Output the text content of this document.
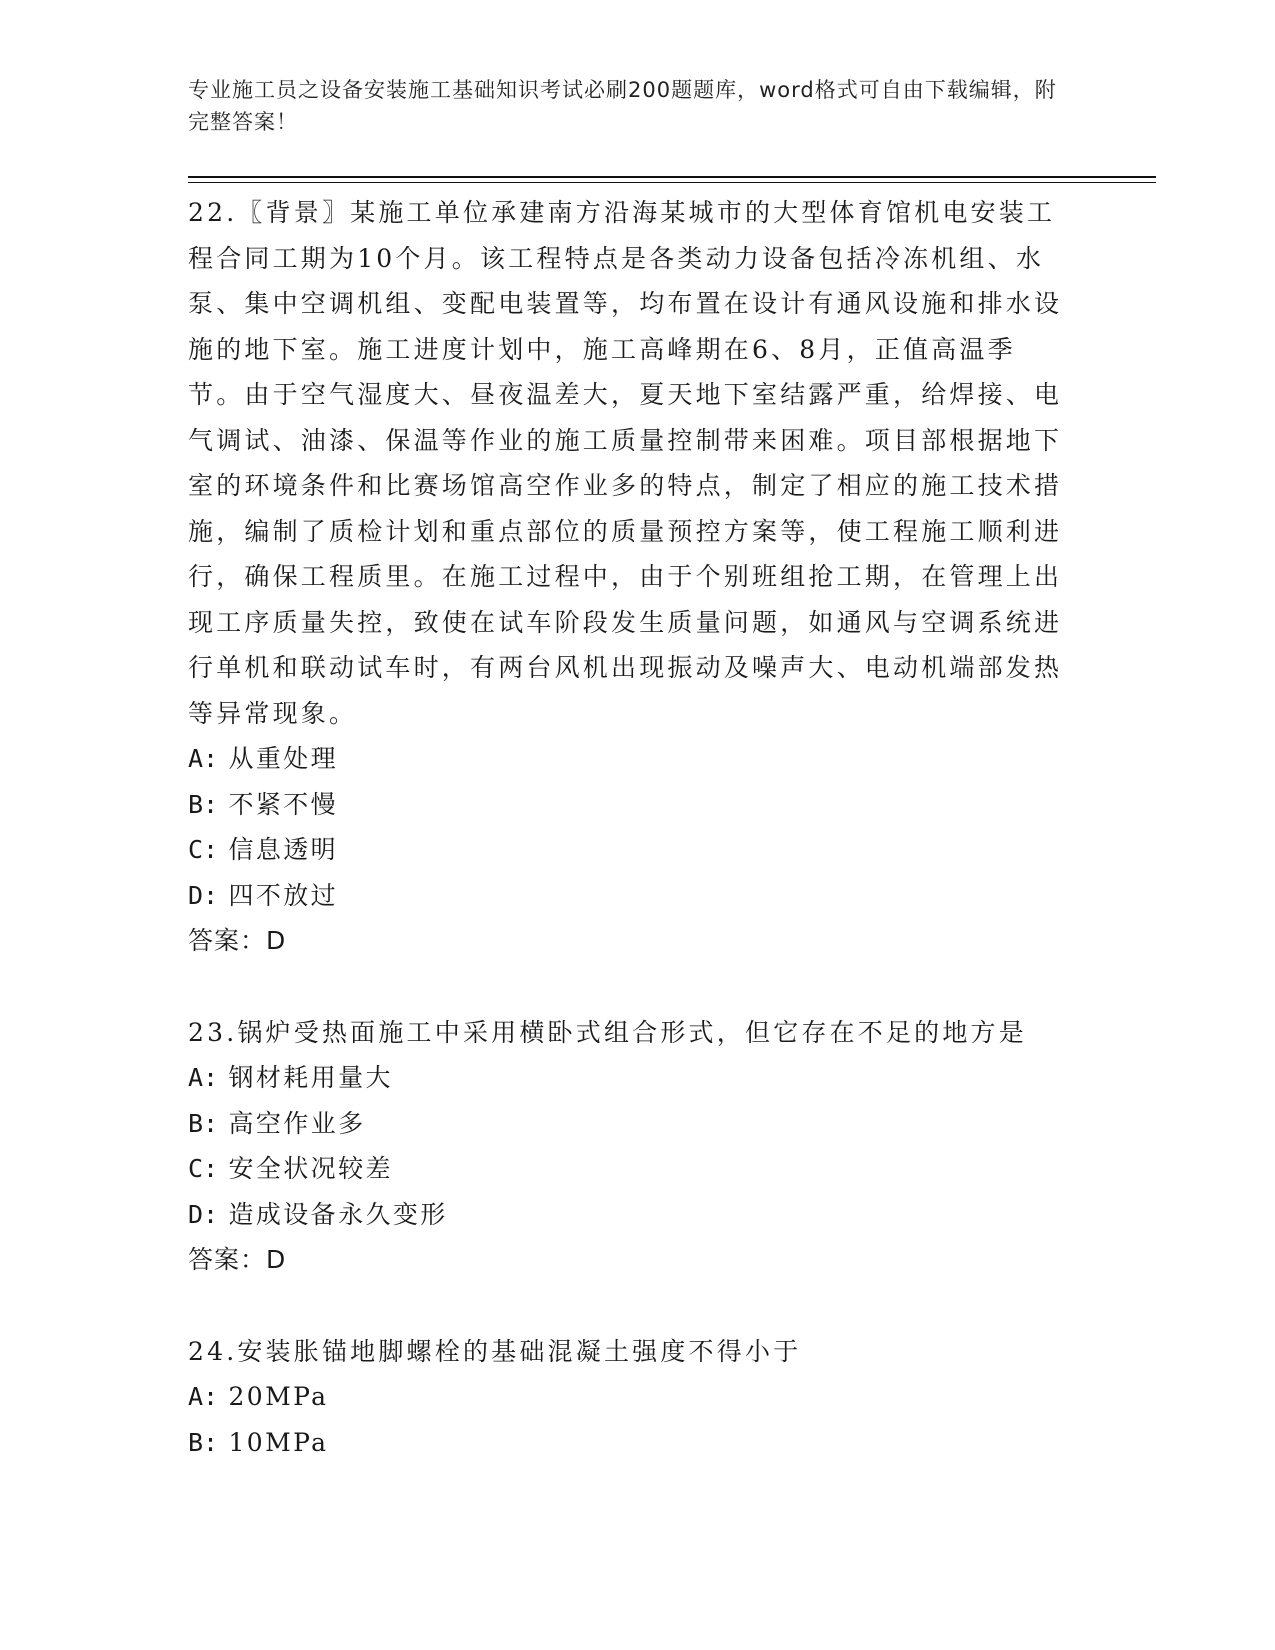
专业施工员之设备安装施工基础知识考试必刷200题题库，word格式可自由下载编辑，附完整答案！

22.〖背景〗某施工单位承建南方沿海某城市的大型体育馆机电安装工程合同工期为10个月。该工程特点是各类动力设备包括冷冻机组、水泵、集中空调机组、变配电装置等，均布置在设计有通风设施和排水设施的地下室。施工进度计划中，施工高峰期在6、8月，正值高温季节。由于空气湿度大、昼夜温差大，夏天地下室结露严重，给焊接、电气调试、油漆、保温等作业的施工质量控制带来困难。项目部根据地下室的环境条件和比赛场馆高空作业多的特点，制定了相应的施工技术措施，编制了质检计划和重点部位的质量预控方案等，使工程施工顺利进行，确保工程质里。在施工过程中，由于个别班组抢工期，在管理上出现工序质量失控，致使在试车阶段发生质量问题，如通风与空调系统进行单机和联动试车时，有两台风机出现振动及噪声大、电动机端部发热等异常现象。

A: 从重处理

B: 不紧不慢

C: 信息透明

D: 四不放过

答案：D

23.锅炉受热面施工中采用横卧式组合形式，但它存在不足的地方是

A: 钢材耗用量大

B: 高空作业多

C: 安全状况较差

D: 造成设备永久变形

答案：D

24.安装胀锚地脚螺栓的基础混凝土强度不得小于

A: 20MPa

B: 10MPa
